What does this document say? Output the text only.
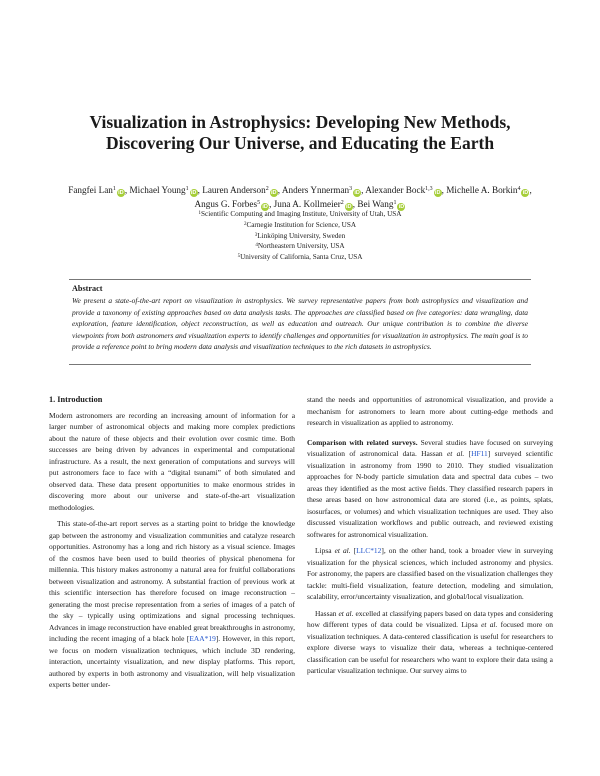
Visualization in Astrophysics: Developing New Methods,
Discovering Our Universe, and Educating the Earth
Fangfei Lan$^1$iD, Michael Young$^1$iD, Lauren Anderson$^2$iD, Anders Ynnerman$^3$iD, Alexander Bock$^{1,3}$iD, Michelle A. Borkin$^4$iD,
Angus G. Forbes$^5$iD, Juna A. Kollmeier$^2$iD, Bei Wang$^1$iD
$^1$Scientific Computing and Imaging Institute, University of Utah, USA
$^2$Carnegie Institution for Science, USA
$^3$Linköping University, Sweden
$^4$Northeastern University, USA
$^5$University of California, Santa Cruz, USA
Abstract
We present a state-of-the-art report on visualization in astrophysics. We survey representative papers from both astrophysics and visualization and provide a taxonomy of existing approaches based on data analysis tasks. The approaches are classified based on five categories: data wrangling, data exploration, feature identification, object reconstruction, as well as education and outreach. Our unique contribution is to combine the diverse viewpoints from both astronomers and visualization experts to identify challenges and opportunities for visualization in astrophysics. The main goal is to provide a reference point to bring modern data analysis and visualization techniques to the rich datasets in astrophysics.
1. Introduction

Modern astronomers are recording an increasing amount of information for a larger number of astronomical objects and making more complex predictions about the nature of these objects and their evolution over cosmic time. Both successes are being driven by advances in experimental and computational infrastructure. As a result, the next generation of computations and surveys will put astronomers face to face with a “digital tsunami” of both simulated and observed data. These data present opportunities to make enormous strides in discovering more about our universe and state-of-the-art visualization methodologies.

This state-of-the-art report serves as a starting point to bridge the knowledge gap between the astronomy and visualization communities and catalyze research opportunities. Astronomy has a long and rich history as a visual science. Images of the cosmos have been used to build theories of physical phenomena for millennia. This history makes astronomy a natural area for fruitful collaborations between visualization and astronomy. A substantial fraction of previous work at this scientific intersection has therefore focused on image reconstruction – generating the most precise representation from a series of images of a patch of the sky – typically using optimizations and signal processing techniques. Advances in image reconstruction have enabled great breakthroughs in astronomy, including the recent imaging of a black hole [EAA*19]. However, in this report, we focus on modern visualization techniques, which include 3D rendering, interaction, uncertainty visualization, and new display platforms. This report, authored by experts in both astronomy and visualization, will help visualization experts better under-

stand the needs and opportunities of astronomical visualization, and provide a mechanism for astronomers to learn more about cutting-edge methods and research in visualization as applied to astronomy.

Comparison with related surveys. Several studies have focused on surveying visualization of astronomical data. Hassan et al. [HF11] surveyed scientific visualization in astronomy from 1990 to 2010. They studied visualization approaches for N-body particle simulation data and spectral data cubes – two areas they identified as the most active fields. They classified research papers in these areas based on how astronomical data are stored (i.e., as points, splats, isosurfaces, or volumes) and which visualization techniques are used. They also discussed visualization workflows and public outreach, and reviewed existing softwares for astronomical visualization.

Lipsa et al. [LLC*12], on the other hand, took a broader view in surveying visualization for the physical sciences, which included astronomy and physics. For astronomy, the papers are classified based on the visualization challenges they tackle: multi-field visualization, feature detection, modeling and simulation, scalability, error/uncertainty visualization, and global/local visualization.

Hassan et al. excelled at classifying papers based on data types and considering how different types of data could be visualized. Lipsa et al. focused more on visualization techniques. A data-centered classification is useful for researchers to explore diverse ways to visualize their data, whereas a technique-centered classification can be useful for researchers who want to explore their data using a particular visualization technique. Our survey aims to
